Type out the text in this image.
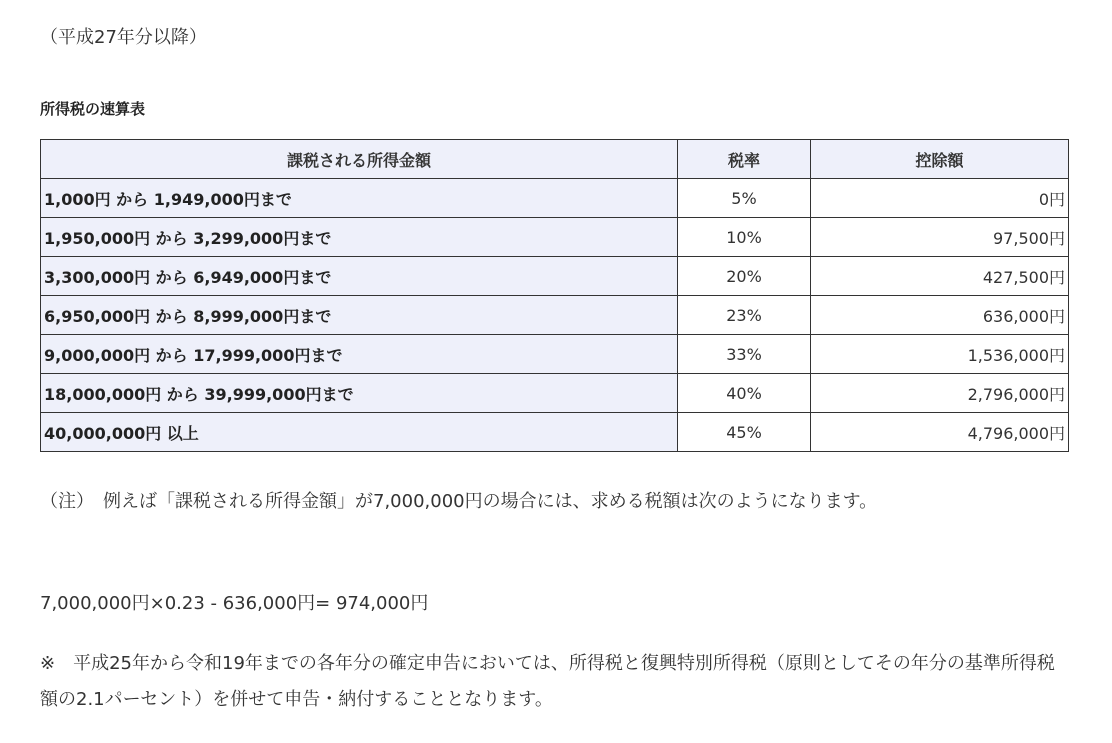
（平成27年分以降）
所得税の速算表
課税される所得金額	税率	控除額
1,000円 から 1,949,000円まで	5%	0円
1,950,000円 から 3,299,000円まで	10%	97,500円
3,300,000円 から 6,949,000円まで	20%	427,500円
6,950,000円 から 8,999,000円まで	23%	636,000円
9,000,000円 から 17,999,000円まで	33%	1,536,000円
18,000,000円 から 39,999,000円まで	40%	2,796,000円
40,000,000円 以上	45%	4,796,000円
（注）　例えば「課税される所得金額」が7,000,000円の場合には、求める税額は次のようになります。
7,000,000円×0.23 - 636,000円= 974,000円
※　平成25年から令和19年までの各年分の確定申告においては、所得税と復興特別所得税（原則としてその年分の基準所得税額の2.1パーセント）を併せて申告・納付することとなります。
